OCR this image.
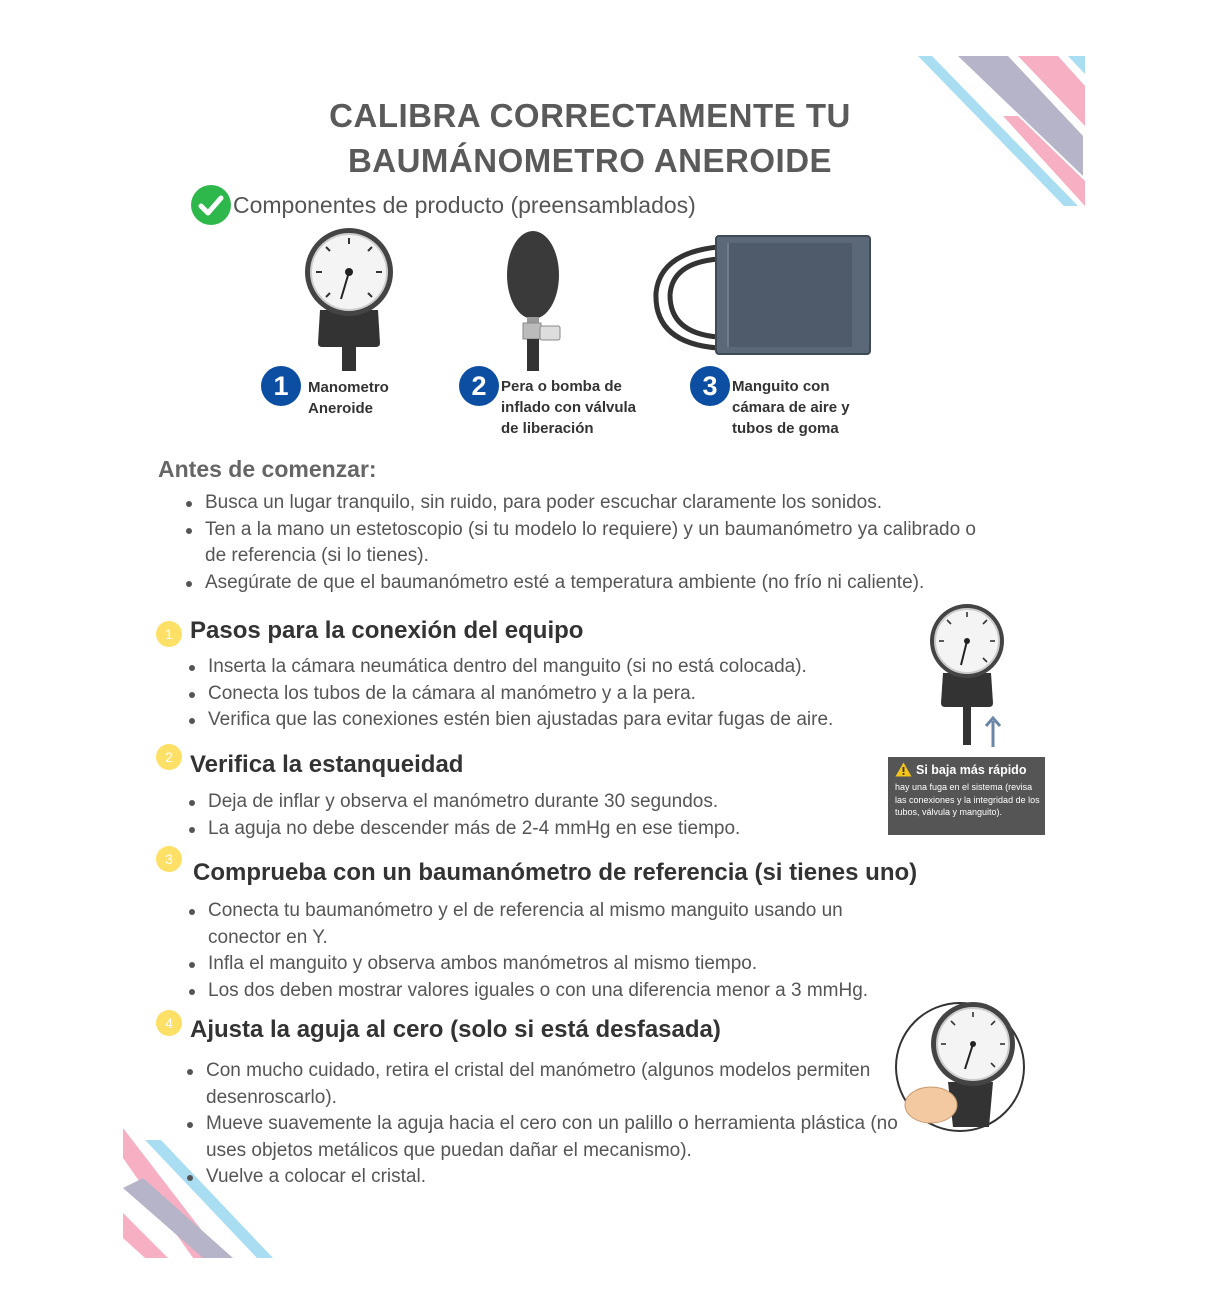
CALIBRA CORRECTAMENTE TU
BAUMÁNOMETRO ANEROIDE
Componentes de producto (preensamblados)
1	Manometro
Aneroide
2 Pera o bomba de
inflado con válvula
de liberación
3 Manguito con
cámara de aire y
tubos de goma
Antes de comenzar:
Busca un lugar tranquilo, sin ruido, para poder escuchar claramente los sonidos.
Ten a la mano un estetoscopio (si tu modelo lo requiere) y un baumanómetro ya calibrado o de referencia (si lo tienes).
Asegúrate de que el baumanómetro esté a temperatura ambiente (no frío ni caliente).
1 Pasos para la conexión del equipo
Inserta la cámara neumática dentro del manguito (si no está colocada).
Conecta los tubos de la cámara al manómetro y a la pera.
Verifica que las conexiones estén bien ajustadas para evitar fugas de aire.
Si baja más rápido
hay una fuga en el sistema (revisa las conexiones y la integridad de los tubos, válvula y manguito).
2 Verifica la estanqueidad
Deja de inflar y observa el manómetro durante 30 segundos.
La aguja no debe descender más de 2-4 mmHg en ese tiempo.
3 Comprueba con un baumanómetro de referencia (si tienes uno)
Conecta tu baumanómetro y el de referencia al mismo manguito usando un conector en Y.
Infla el manguito y observa ambos manómetros al mismo tiempo.
Los dos deben mostrar valores iguales o con una diferencia menor a 3 mmHg.
4 Ajusta la aguja al cero (solo si está desfasada)
Con mucho cuidado, retira el cristal del manómetro (algunos modelos permiten desenroscarlo).
Mueve suavemente la aguja hacia el cero con un palillo o herramienta plástica (no uses objetos metálicos que puedan dañar el mecanismo).
Vuelve a colocar el cristal.
